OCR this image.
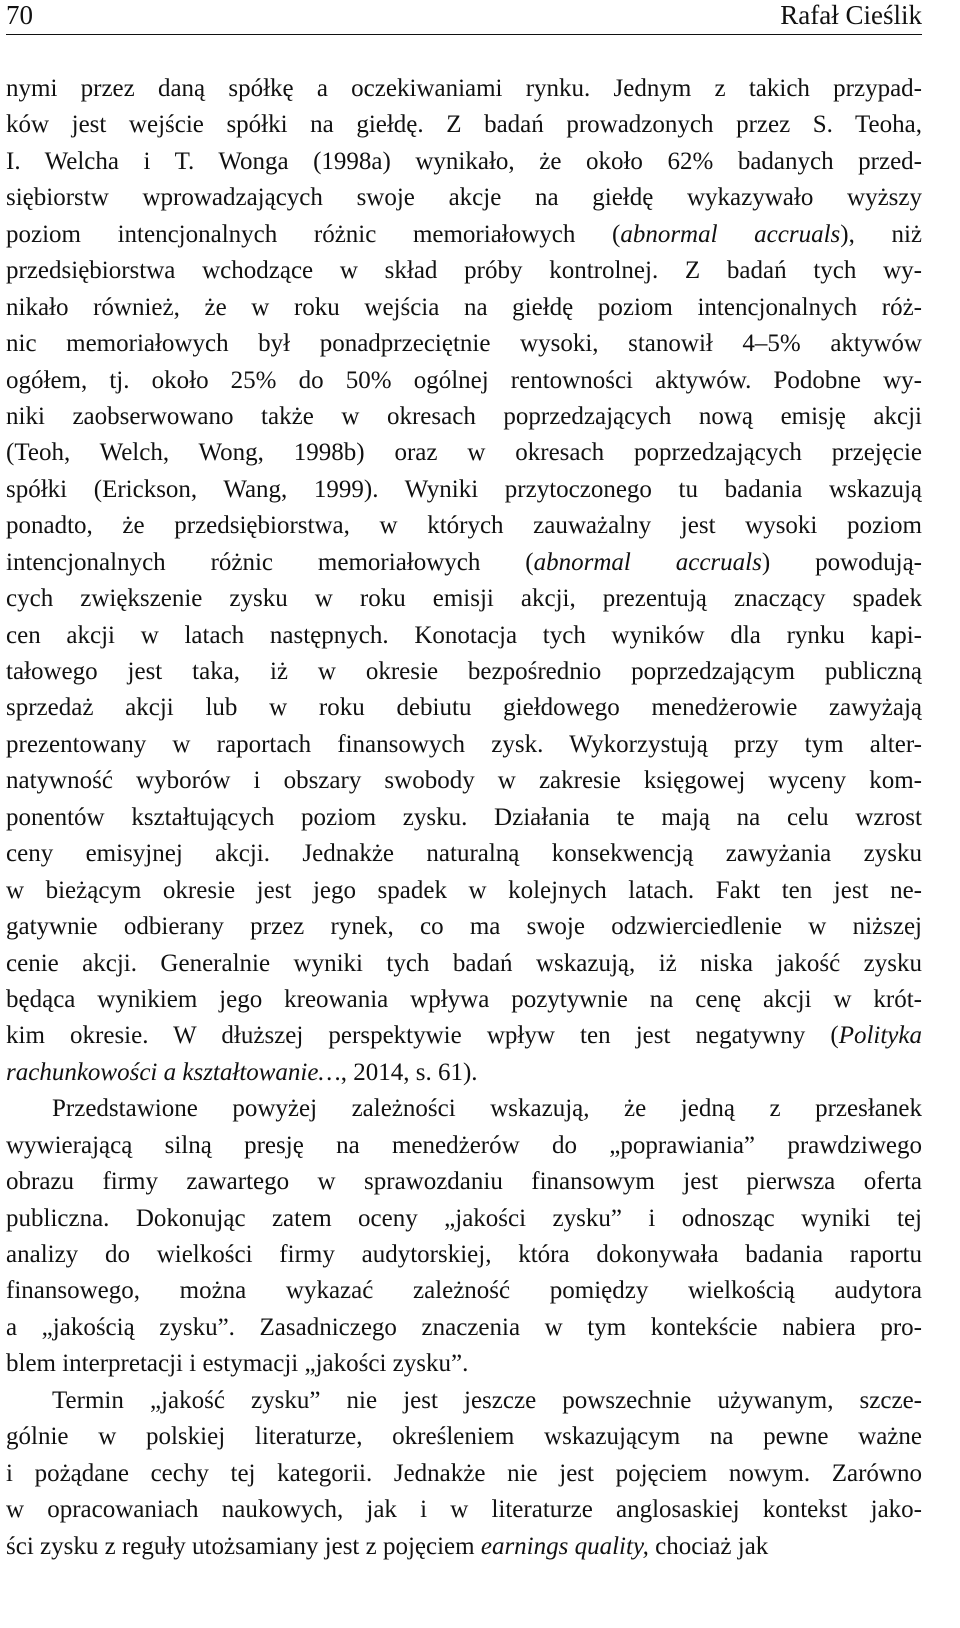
70	Rafał Cieślik

nymi przez daną spółkę a oczekiwaniami rynku. Jednym z takich przypad-
ków jest wejście spółki na giełdę. Z badań prowadzonych przez S. Teoha,
I. Welcha i T. Wonga (1998a) wynikało, że około 62% badanych przed-
siębiorstw wprowadzających swoje akcje na giełdę wykazywało wyższy
poziom intencjonalnych różnic memoriałowych (abnormal accruals), niż
przedsiębiorstwa wchodzące w skład próby kontrolnej. Z badań tych wy-
nikało również, że w roku wejścia na giełdę poziom intencjonalnych róż-
nic memoriałowych był ponadprzeciętnie wysoki, stanowił 4–5% aktywów
ogółem, tj. około 25% do 50% ogólnej rentowności aktywów. Podobne wy-
niki zaobserwowano także w okresach poprzedzających nową emisję akcji
(Teoh, Welch, Wong, 1998b) oraz w okresach poprzedzających przejęcie
spółki (Erickson, Wang, 1999). Wyniki przytoczonego tu badania wskazują
ponadto, że przedsiębiorstwa, w których zauważalny jest wysoki poziom
intencjonalnych różnic memoriałowych (abnormal accruals) powodują-
cych zwiększenie zysku w roku emisji akcji, prezentują znaczący spadek
cen akcji w latach następnych. Konotacja tych wyników dla rynku kapi-
tałowego jest taka, iż w okresie bezpośrednio poprzedzającym publiczną
sprzedaż akcji lub w roku debiutu giełdowego menedżerowie zawyżają
prezentowany w raportach finansowych zysk. Wykorzystują przy tym alter-
natywność wyborów i obszary swobody w zakresie księgowej wyceny kom-
ponentów kształtujących poziom zysku. Działania te mają na celu wzrost
ceny emisyjnej akcji. Jednakże naturalną konsekwencją zawyżania zysku
w bieżącym okresie jest jego spadek w kolejnych latach. Fakt ten jest ne-
gatywnie odbierany przez rynek, co ma swoje odzwierciedlenie w niższej
cenie akcji. Generalnie wyniki tych badań wskazują, iż niska jakość zysku
będąca wynikiem jego kreowania wpływa pozytywnie na cenę akcji w krót-
kim okresie. W dłuższej perspektywie wpływ ten jest negatywny (Polityka
rachunkowości a kształtowanie…, 2014, s. 61).

Przedstawione powyżej zależności wskazują, że jedną z przesłanek
wywierającą silną presję na menedżerów do „poprawiania” prawdziwego
obrazu firmy zawartego w sprawozdaniu finansowym jest pierwsza oferta
publiczna. Dokonując zatem oceny „jakości zysku” i odnosząc wyniki tej
analizy do wielkości firmy audytorskiej, która dokonywała badania raportu
finansowego, można wykazać zależność pomiędzy wielkością audytora
a „jakością zysku”. Zasadniczego znaczenia w tym kontekście nabiera pro-
blem interpretacji i estymacji „jakości zysku”.

Termin „jakość zysku” nie jest jeszcze powszechnie używanym, szcze-
gólnie w polskiej literaturze, określeniem wskazującym na pewne ważne
i pożądane cechy tej kategorii. Jednakże nie jest pojęciem nowym. Zarówno
w opracowaniach naukowych, jak i w literaturze anglosaskiej kontekst jako-
ści zysku z reguły utożsamiany jest z pojęciem earnings quality, chociaż jak
